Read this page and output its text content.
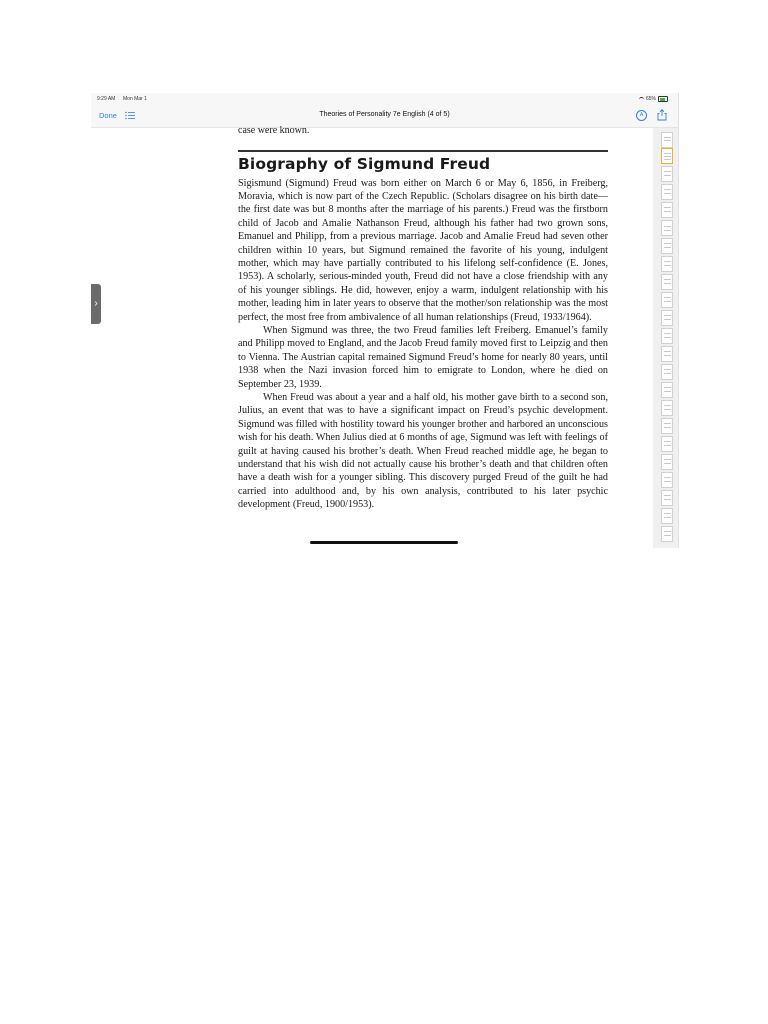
9:29 AM Mon Mar 1	65%
Done	Theories of Personality 7e English (4 of 5)	A

case were known.

Biography of Sigmund Freud

Sigismund (Sigmund) Freud was born either on March 6 or May 6, 1856, in Freiberg, Moravia, which is now part of the Czech Republic. (Scholars disagree on his birth date—the first date was but 8 months after the marriage of his parents.) Freud was the firstborn child of Jacob and Amalie Nathanson Freud, although his father had two grown sons, Emanuel and Philipp, from a previous marriage. Jacob and Amalie Freud had seven other children within 10 years, but Sigmund remained the favorite of his young, indulgent mother, which may have partially contributed to his lifelong self-confidence (E. Jones, 1953). A scholarly, serious-minded youth, Freud did not have a close friendship with any of his younger siblings. He did, however, enjoy a warm, indulgent relationship with his mother, leading him in later years to observe that the mother/son relationship was the most perfect, the most free from ambivalence of all human relationships (Freud, 1933/1964).

When Sigmund was three, the two Freud families left Freiberg. Emanuel’s family and Philipp moved to England, and the Jacob Freud family moved first to Leipzig and then to Vienna. The Austrian capital remained Sigmund Freud’s home for nearly 80 years, until 1938 when the Nazi invasion forced him to emigrate to London, where he died on September 23, 1939.

When Freud was about a year and a half old, his mother gave birth to a second son, Julius, an event that was to have a significant impact on Freud’s psychic development. Sigmund was filled with hostility toward his younger brother and harbored an unconscious wish for his death. When Julius died at 6 months of age, Sigmund was left with feelings of guilt at having caused his brother’s death. When Freud reached middle age, he began to understand that his wish did not actually cause his brother’s death and that children often have a death wish for a younger sibling. This discovery purged Freud of the guilt he had carried into adulthood and, by his own analysis, contributed to his later psychic development (Freud, 1900/1953).

›
